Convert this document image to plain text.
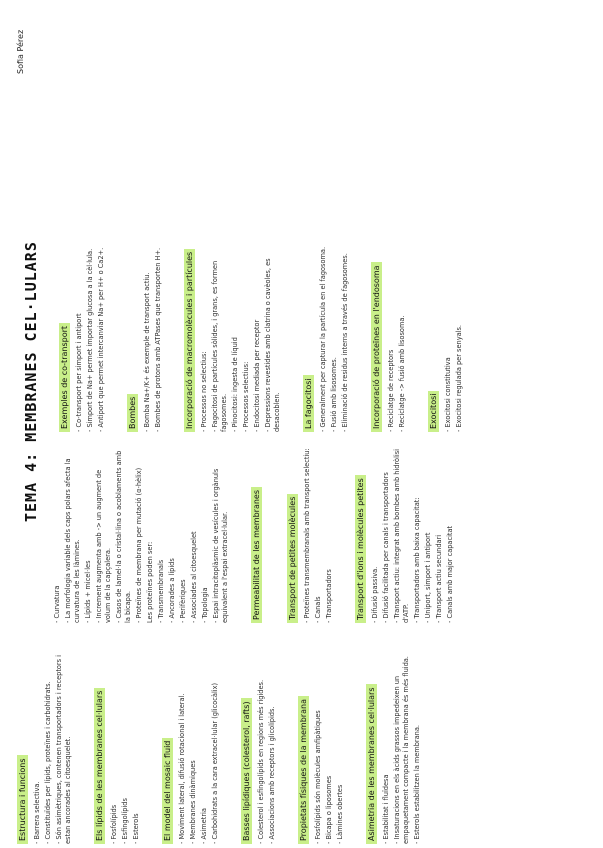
Sofia Pérez
TEMA 4: MEMBRANES CEL·LULARS
Estructura i funcions - Barrera selectiva. - Constituïdes per lípids, proteïnes i carbohidrats. - Són asimètriques, contenen transportadors i receptors i estan ancorades al citoesquelet.	Els lípids de les membranes cel·lulars - Fosfolípids - Esfingolípids - Esterols	El model del mosaic fluid - Moviment lateral, difusió rotacional i lateral. - Membranes dinàmiques - Asimetria - Carbohidrats a la cara extracel·lular (glicocàlix)	Basses lipídiques (colesterol, rafts) - Colesterol i esfingolípids en regions més rígides. - Associacions amb receptors i glicolípids.	Propietats físiques de la membrana - Fosfolípids són molècules amfipàtiques - Bicapa o liposomes - Làmines obertes	Asimetria de les membranes cel·lulars - Estabilitat i fluïdesa - Insaturacions en els àcids grassos impedeixen un empaquetament compacte i la membrana és més fluida. - Esterols estabilitzen la membrana.
- Curvatura - La morfologia variable dels caps polars afecta la curvatura de les làmines. - Lípids + micel·les - Increment augmenta amb -> un augment de volum de la capçalera. - Casos de lamel·la o cristal·lina o acoblaments amb la bicapa. - Proteïnes de membrana per mutació (α-hèlix) Les proteïnes poden ser: - Transmembranals - Ancorades a lípids - Perifèriques - Associades al citoesquelet - Topologia - Espai intracitoplàsmic de vesícules i orgànuls equivalent a l'espai extracel·lular.	Permeabilitat de les membranes	Transport de petites molècules - Proteïnes transmembranals amb transport selectiu: - Canals - Transportadors	Transport d'ions i molècules petites - Difusió passiva. - Difusió facilitada per canals i transportadors - Transport actiu: integrat amb bombes amb hidròlisi d'ATP. - Transportadors amb baixa capacitat: - Uniport, simport i antiport - Transport actiu secundari - Canals amb major capacitat
Exemples de co-transport - Co-transport per simport i antiport - Simport de Na+ permet importar glucosa a la cèl·lula. - Antiport que permet intercanviar Na+ per H+ o Ca2+.	Bombes - Bomba Na+/K+ és exemple de transport actiu. - Bombes de protons amb ATPases que transporten H+.	Incorporació de macromolècules i partícules - Processos no selectius: - Fagocitosi de partícules sòlides, i grans, es formen fagosomes. - Pinocitosi: ingesta de líquid - Processos selectius: - Endocitosi mediada per receptor - Depressions revestides amb clatrina o cavèoles, es desacoblen.	La fagocitosi - Generalment per capturar la partícula en el fagosoma. - Fusió amb lisosomes. - Eliminació de residus interns a través de fagosomes.	Incorporació de proteïnes en l'endosoma - Reciclatge de receptors - Reciclatge -> fusió amb lisosoma.	Exocitosi - Exocitosi constitutiva - Exocitosi regulada per senyals.
